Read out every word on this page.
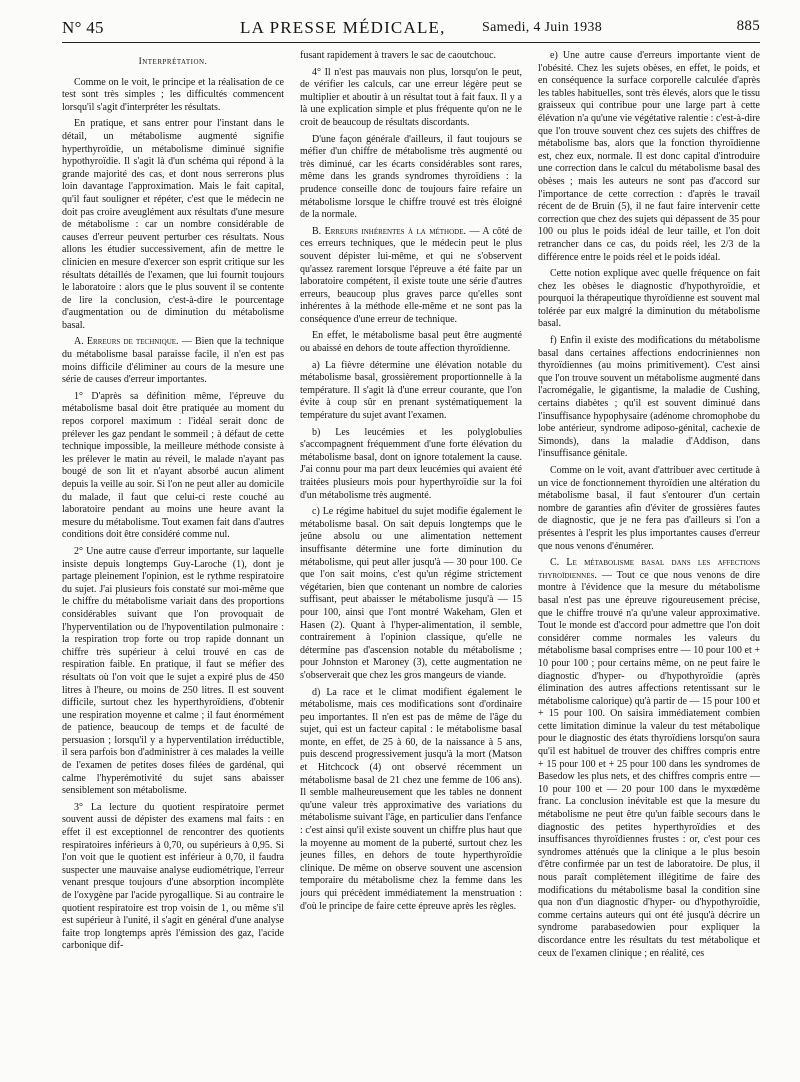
N° 45	LA PRESSE MÉDICALE,	Samedi, 4 Juin 1938	885
Interprétation.

Comme on le voit, le principe et la réalisation de ce test sont très simples ; les difficultés commencent lorsqu'il s'agit d'interpréter les résultats.

En pratique, et sans entrer pour l'instant dans le détail, un métabolisme augmenté signifie hyperthyroïdie, un métabolisme diminué signifie hypothyroïdie. Il s'agit là d'un schéma qui répond à la grande majorité des cas, et dont nous serrerons plus loin davantage l'approximation. Mais le fait capital, qu'il faut souligner et répéter, c'est que le médecin ne doit pas croire aveuglément aux résultats d'une mesure de métabolisme : car un nombre considérable de causes d'erreur peuvent perturber ces résultats. Nous allons les étudier successivement, afin de mettre le clinicien en mesure d'exercer son esprit critique sur les résultats détaillés de l'examen, que lui fournit toujours le laboratoire : alors que le plus souvent il se contente de lire la conclusion, c'est-à-dire le pourcentage d'augmentation ou de diminution du métabolisme basal.

A. Erreurs de technique. — Bien que la technique du métabolisme basal paraisse facile, il n'en est pas moins difficile d'éliminer au cours de la mesure une série de causes d'erreur importantes.

1° D'après sa définition même, l'épreuve du métabolisme basal doit être pratiquée au moment du repos corporel maximum : l'idéal serait donc de prélever les gaz pendant le sommeil ; à défaut de cette technique impossible, la meilleure méthode consiste à les prélever le matin au réveil, le malade n'ayant pas bougé de son lit et n'ayant absorbé aucun aliment depuis la veille au soir. Si l'on ne peut aller au domicile du malade, il faut que celui-ci reste couché au laboratoire pendant au moins une heure avant la mesure du métabolisme. Tout examen fait dans d'autres conditions doit être considéré comme nul.

2° Une autre cause d'erreur importante, sur laquelle insiste depuis longtemps Guy-Laroche (1), dont je partage pleinement l'opinion, est le rythme respiratoire du sujet. J'ai plusieurs fois constaté sur moi-même que le chiffre du métabolisme variait dans des proportions considérables suivant que l'on provoquait de l'hyperventilation ou de l'hypoventilation pulmonaire : la respiration trop forte ou trop rapide donnant un chiffre très supérieur à celui trouvé en cas de respiration faible. En pratique, il faut se méfier des résultats où l'on voit que le sujet a expiré plus de 450 litres à l'heure, ou moins de 250 litres. Il est souvent difficile, surtout chez les hyperthyroïdiens, d'obtenir une respiration moyenne et calme ; il faut énormément de patience, beaucoup de temps et de faculté de persuasion ; lorsqu'il y a hyperventilation irréductible, il sera parfois bon d'administrer à ces malades la veille de l'examen de petites doses filées de gardénal, qui calme l'hyperémotivité du sujet sans abaisser sensiblement son métabolisme.

3° La lecture du quotient respiratoire permet souvent aussi de dépister des examens mal faits : en effet il est exceptionnel de rencontrer des quotients respiratoires inférieurs à 0,70, ou supérieurs à 0,95. Si l'on voit que le quotient est inférieur à 0,70, il faudra suspecter une mauvaise analyse eudiométrique, l'erreur venant presque toujours d'une absorption incomplète de l'oxygène par l'acide pyrogallique. Si au contraire le quotient respiratoire est trop voisin de 1, ou même s'il est supérieur à l'unité, il s'agit en général d'une analyse faite trop longtemps après l'émission des gaz, l'acide carbonique dif-

fusant rapidement à travers le sac de caoutchouc.

4° Il n'est pas mauvais non plus, lorsqu'on le peut, de vérifier les calculs, car une erreur légère peut se multiplier et aboutir à un résultat tout à fait faux. Il y a là une explication simple et plus fréquente qu'on ne le croit de beaucoup de résultats discordants.

D'une façon générale d'ailleurs, il faut toujours se méfier d'un chiffre de métabolisme très augmenté ou très diminué, car les écarts considérables sont rares, même dans les grands syndromes thyroïdiens : la prudence conseille donc de toujours faire refaire un métabolisme lorsque le chiffre trouvé est très éloigné de la normale.

B. Erreurs inhérentes à la méthode. — A côté de ces erreurs techniques, que le médecin peut le plus souvent dépister lui-même, et qui ne s'observent qu'assez rarement lorsque l'épreuve a été faite par un laboratoire compétent, il existe toute une série d'autres erreurs, beaucoup plus graves parce qu'elles sont inhérentes à la méthode elle-même et ne sont pas la conséquence d'une erreur de technique.

En effet, le métabolisme basal peut être augmenté ou abaissé en dehors de toute affection thyroïdienne.

a) La fièvre détermine une élévation notable du métabolisme basal, grossièrement proportionnelle à la température. Il s'agit là d'une erreur courante, que l'on évite à coup sûr en prenant systématiquement la température du sujet avant l'examen.

b) Les leucémies et les polyglobulies s'accompagnent fréquemment d'une forte élévation du métabolisme basal, dont on ignore totalement la cause. J'ai connu pour ma part deux leucémies qui avaient été traitées plusieurs mois pour hyperthyroïdie sur la foi d'un métabolisme très augmenté.

c) Le régime habituel du sujet modifie également le métabolisme basal. On sait depuis longtemps que le jeûne absolu ou une alimentation nettement insuffisante détermine une forte diminution du métabolisme, qui peut aller jusqu'à — 30 pour 100. Ce que l'on sait moins, c'est qu'un régime strictement végétarien, bien que contenant un nombre de calories suffisant, peut abaisser le métabolisme jusqu'à — 15 pour 100, ainsi que l'ont montré Wakeham, Glen et Hasen (2). Quant à l'hyper-alimentation, il semble, contrairement à l'opinion classique, qu'elle ne détermine pas d'ascension notable du métabolisme ; pour Johnston et Maroney (3), cette augmentation ne s'observerait que chez les gros mangeurs de viande.

d) La race et le climat modifient également le métabolisme, mais ces modifications sont d'ordinaire peu importantes. Il n'en est pas de même de l'âge du sujet, qui est un facteur capital : le métabolisme basal monte, en effet, de 25 à 60, de la naissance à 5 ans, puis descend progressivement jusqu'à la mort (Matson et Hitchcock (4) ont observé récemment un métabolisme basal de 21 chez une femme de 106 ans). Il semble malheureusement que les tables ne donnent qu'une valeur très approximative des variations du métabolisme suivant l'âge, en particulier dans l'enfance : c'est ainsi qu'il existe souvent un chiffre plus haut que la moyenne au moment de la puberté, surtout chez les jeunes filles, en dehors de toute hyperthyroïdie clinique. De même on observe souvent une ascension temporaire du métabolisme chez la femme dans les jours qui précèdent immédiatement la menstruation : d'où le principe de faire cette épreuve après les règles.

e) Une autre cause d'erreurs importante vient de l'obésité. Chez les sujets obèses, en effet, le poids, et en conséquence la surface corporelle calculée d'après les tables habituelles, sont très élevés, alors que le tissu graisseux qui contribue pour une large part à cette élévation n'a qu'une vie végétative ralentie : c'est-à-dire que l'on trouve souvent chez ces sujets des chiffres de métabolisme bas, alors que la fonction thyroïdienne est, chez eux, normale. Il est donc capital d'introduire une correction dans le calcul du métabolisme basal des obèses ; mais les auteurs ne sont pas d'accord sur l'importance de cette correction : d'après le travail récent de de Bruin (5), il ne faut faire intervenir cette correction que chez des sujets qui dépassent de 35 pour 100 ou plus le poids idéal de leur taille, et l'on doit retrancher dans ce cas, du poids réel, les 2/3 de la différence entre le poids réel et le poids idéal.

Cette notion explique avec quelle fréquence on fait chez les obèses le diagnostic d'hypothyroïdie, et pourquoi la thérapeutique thyroïdienne est souvent mal tolérée par eux malgré la diminution du métabolisme basal.

f) Enfin il existe des modifications du métabolisme basal dans certaines affections endocriniennes non thyroïdiennes (au moins primitivement). C'est ainsi que l'on trouve souvent un métabolisme augmenté dans l'acromégalie, le gigantisme, la maladie de Cushing, certains diabètes ; qu'il est souvent diminué dans l'insuffisance hypophysaire (adénome chromophobe du lobe antérieur, syndrome adiposo-génital, cachexie de Simonds), dans la maladie d'Addison, dans l'insuffisance génitale.

Comme on le voit, avant d'attribuer avec certitude à un vice de fonctionnement thyroïdien une altération du métabolisme basal, il faut s'entourer d'un certain nombre de garanties afin d'éviter de grossières fautes de diagnostic, que je ne fera pas d'ailleurs si l'on a présentes à l'esprit les plus importantes causes d'erreur que nous venons d'énumérer.

C. Le métabolisme basal dans les affections thyroïdiennes. — Tout ce que nous venons de dire montre à l'évidence que la mesure du métabolisme basal n'est pas une épreuve rigoureusement précise, que le chiffre trouvé n'a qu'une valeur approximative. Tout le monde est d'accord pour admettre que l'on doit considérer comme normales les valeurs du métabolisme basal comprises entre — 10 pour 100 et + 10 pour 100 ; pour certains même, on ne peut faire le diagnostic d'hyper- ou d'hypothyroïdie (après élimination des autres affections retentissant sur le métabolisme calorique) qu'à partir de — 15 pour 100 et + 15 pour 100. On saisira immédiatement combien cette limitation diminue la valeur du test métabolique pour le diagnostic des états thyroïdiens lorsqu'on saura qu'il est habituel de trouver des chiffres compris entre + 15 pour 100 et + 25 pour 100 dans les syndromes de Basedow les plus nets, et des chiffres compris entre — 10 pour 100 et — 20 pour 100 dans le myxœdème franc. La conclusion inévitable est que la mesure du métabolisme ne peut être qu'un faible secours dans le diagnostic des petites hyperthyroïdies et des insuffisances thyroïdiennes frustes : or, c'est pour ces syndromes atténués que la clinique a le plus besoin d'être confirmée par un test de laboratoire. De plus, il nous paraît complètement illégitime de faire des modifications du métabolisme basal la condition sine qua non d'un diagnostic d'hyper- ou d'hypothyroïdie, comme certains auteurs qui ont été jusqu'à décrire un syndrome parabasedowien pour expliquer la discordance entre les résultats du test métabolique et ceux de l'examen clinique ; en réalité, ces
